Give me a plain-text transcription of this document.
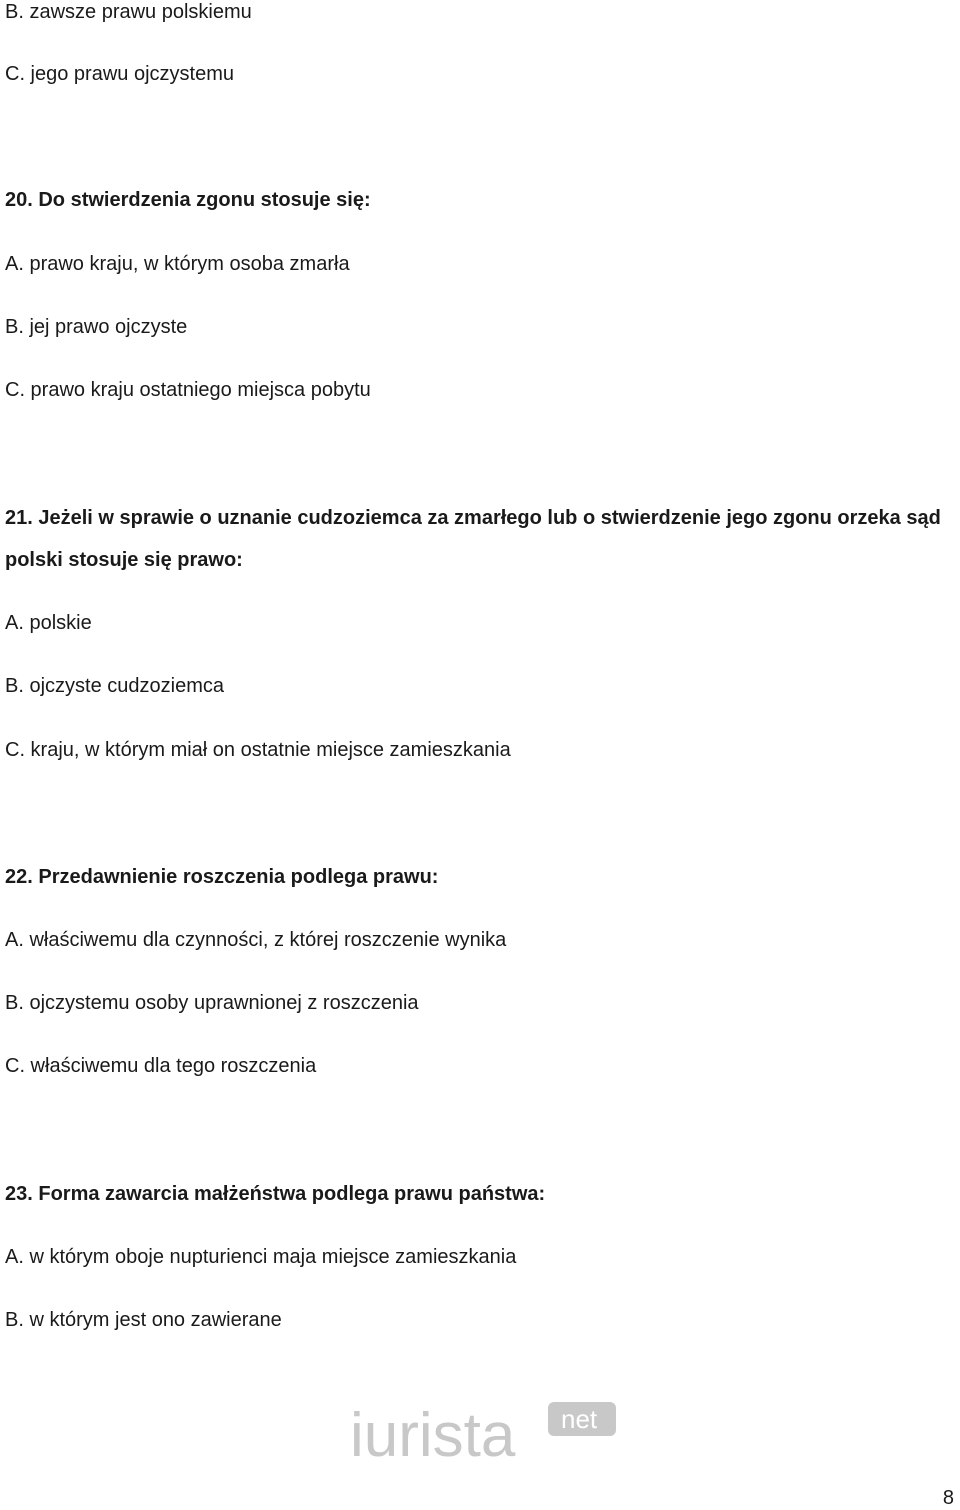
B. zawsze prawu polskiemu

C. jego prawu ojczystemu

20. Do stwierdzenia zgonu stosuje się:

A. prawo kraju, w którym osoba zmarła

B. jej prawo ojczyste

C. prawo kraju ostatniego miejsca pobytu

21. Jeżeli w sprawie o uznanie cudzoziemca za zmarłego lub o stwierdzenie jego zgonu orzeka sąd

polski stosuje się prawo:

A. polskie

B. ojczyste cudzoziemca

C. kraju, w którym miał on ostatnie miejsce zamieszkania

22. Przedawnienie roszczenia podlega prawu:

A. właściwemu dla czynności, z której roszczenie wynika

B. ojczystemu osoby uprawnionej z roszczenia

C. właściwemu dla tego roszczenia

23. Forma zawarcia małżeństwa podlega prawu państwa:

A. w którym oboje nupturienci maja miejsce zamieszkania

B. w którym jest ono zawierane

iurista net

8
